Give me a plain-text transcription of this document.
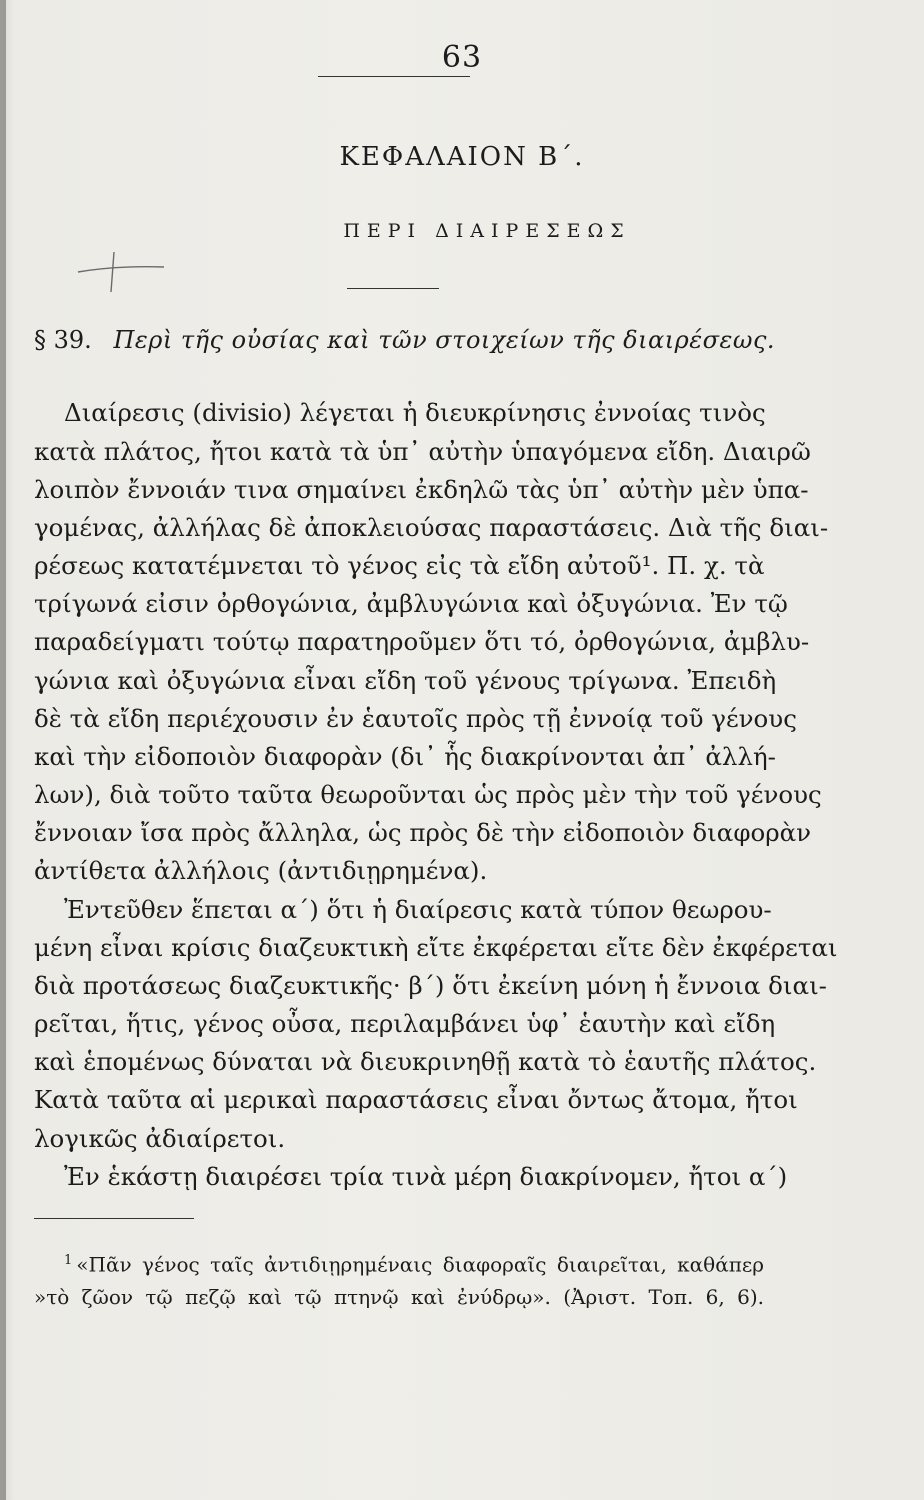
63
ΚΕΦΑΛΑΙΟΝ Β΄.
ΠΕΡΙ ΔΙΑΙΡΕΣΕΩΣ
§ 39. Περὶ τῆς οὐσίας καὶ τῶν στοιχείων τῆς διαιρέσεως.
Διαίρεσις (divisio) λέγεται ἡ διευκρίνησις ἐννοίας τινὸς
κατὰ πλάτος, ἤτοι κατὰ τὰ ὑπ᾽ αὐτὴν ὑπαγόμενα εἴδη. Διαιρῶ
λοιπὸν ἔννοιάν τινα σημαίνει ἐκδηλῶ τὰς ὑπ᾽ αὐτὴν μὲν ὑπα-
γομένας, ἀλλήλας δὲ ἀποκλειούσας παραστάσεις. Διὰ τῆς διαι-
ρέσεως κατατέμνεται τὸ γένος εἰς τὰ εἴδη αὐτοῦ¹. Π. χ. τὰ
τρίγωνά εἰσιν ὀρθογώνια, ἀμβλυγώνια καὶ ὀξυγώνια. Ἐν τῷ
παραδείγματι τούτῳ παρατηροῦμεν ὅτι τό, ὀρθογώνια, ἀμβλυ-
γώνια καὶ ὀξυγώνια εἶναι εἴδη τοῦ γένους τρίγωνα. Ἐπειδὴ
δὲ τὰ εἴδη περιέχουσιν ἐν ἑαυτοῖς πρὸς τῇ ἐννοίᾳ τοῦ γένους
καὶ τὴν εἰδοποιὸν διαφορὰν (δι᾽ ἧς διακρίνονται ἀπ᾽ ἀλλή-
λων), διὰ τοῦτο ταῦτα θεωροῦνται ὡς πρὸς μὲν τὴν τοῦ γένους
ἔννοιαν ἴσα πρὸς ἄλληλα, ὡς πρὸς δὲ τὴν εἰδοποιὸν διαφορὰν
ἀντίθετα ἀλλήλοις (ἀντιδιῃρημένα).
Ἐντεῦθεν ἕπεται α΄) ὅτι ἡ διαίρεσις κατὰ τύπον θεωρου-
μένη εἶναι κρίσις διαζευκτικὴ εἴτε ἐκφέρεται εἴτε δὲν ἐκφέρεται
διὰ προτάσεως διαζευκτικῆς· β΄) ὅτι ἐκείνη μόνη ἡ ἔννοια διαι-
ρεῖται, ἥτις, γένος οὖσα, περιλαμβάνει ὑφ᾽ ἑαυτὴν καὶ εἴδη
καὶ ἑπομένως δύναται νὰ διευκρινηθῇ κατὰ τὸ ἑαυτῆς πλάτος.
Κατὰ ταῦτα αἱ μερικαὶ παραστάσεις εἶναι ὄντως ἄτομα, ἤτοι
λογικῶς ἀδιαίρετοι.
Ἐν ἑκάστῃ διαιρέσει τρία τινὰ μέρη διακρίνομεν, ἤτοι α΄)
$^1$ «Πᾶν γένος ταῖς ἀντιδιῃρημέναις διαφοραῖς διαιρεῖται, καθάπερ
»τὸ ζῶον τῷ πεζῷ καὶ τῷ πτηνῷ καὶ ἐνύδρῳ». (Ἀριστ. Τοπ. 6, 6).
